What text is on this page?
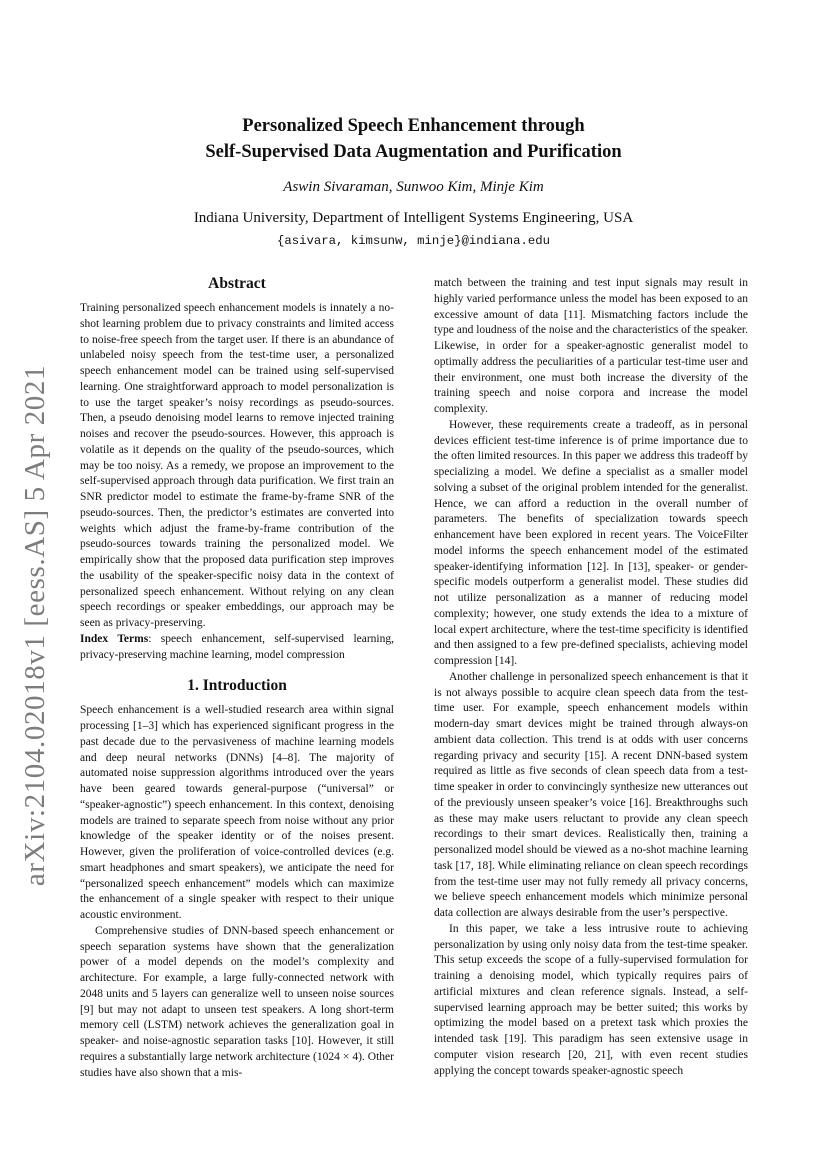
arXiv:2104.02018v1 [eess.AS] 5 Apr 2021
Personalized Speech Enhancement through
Self-Supervised Data Augmentation and Purification

Aswin Sivaraman, Sunwoo Kim, Minje Kim

Indiana University, Department of Intelligent Systems Engineering, USA

{asivara, kimsunw, minje}@indiana.edu

Abstract

Training personalized speech enhancement models is innately a no-shot learning problem due to privacy constraints and limited access to noise-free speech from the target user. If there is an abundance of unlabeled noisy speech from the test-time user, a personalized speech enhancement model can be trained using self-supervised learning. One straightforward approach to model personalization is to use the target speaker’s noisy recordings as pseudo-sources. Then, a pseudo denoising model learns to remove injected training noises and recover the pseudo-sources. However, this approach is volatile as it depends on the quality of the pseudo-sources, which may be too noisy. As a remedy, we propose an improvement to the self-supervised approach through data purification. We first train an SNR predictor model to estimate the frame-by-frame SNR of the pseudo-sources. Then, the predictor’s estimates are converted into weights which adjust the frame-by-frame contribution of the pseudo-sources towards training the personalized model. We empirically show that the proposed data purification step improves the usability of the speaker-specific noisy data in the context of personalized speech enhancement. Without relying on any clean speech recordings or speaker embeddings, our approach may be seen as privacy-preserving.

Index Terms: speech enhancement, self-supervised learning, privacy-preserving machine learning, model compression

1. Introduction

Speech enhancement is a well-studied research area within signal processing [1–3] which has experienced significant progress in the past decade due to the pervasiveness of machine learning models and deep neural networks (DNNs) [4–8]. The majority of automated noise suppression algorithms introduced over the years have been geared towards general-purpose (“universal” or “speaker-agnostic”) speech enhancement. In this context, denoising models are trained to separate speech from noise without any prior knowledge of the speaker identity or of the noises present. However, given the proliferation of voice-controlled devices (e.g. smart headphones and smart speakers), we anticipate the need for “personalized speech enhancement” models which can maximize the enhancement of a single speaker with respect to their unique acoustic environment.

Comprehensive studies of DNN-based speech enhancement or speech separation systems have shown that the generalization power of a model depends on the model’s complexity and architecture. For example, a large fully-connected network with 2048 units and 5 layers can generalize well to unseen noise sources [9] but may not adapt to unseen test speakers. A long short-term memory cell (LSTM) network achieves the generalization goal in speaker- and noise-agnostic separation tasks [10]. However, it still requires a substantially large network architecture (1024 × 4). Other studies have also shown that a mis-

match between the training and test input signals may result in highly varied performance unless the model has been exposed to an excessive amount of data [11]. Mismatching factors include the type and loudness of the noise and the characteristics of the speaker. Likewise, in order for a speaker-agnostic generalist model to optimally address the peculiarities of a particular test-time user and their environment, one must both increase the diversity of the training speech and noise corpora and increase the model complexity.

However, these requirements create a tradeoff, as in personal devices efficient test-time inference is of prime importance due to the often limited resources. In this paper we address this tradeoff by specializing a model. We define a specialist as a smaller model solving a subset of the original problem intended for the generalist. Hence, we can afford a reduction in the overall number of parameters. The benefits of specialization towards speech enhancement have been explored in recent years. The VoiceFilter model informs the speech enhancement model of the estimated speaker-identifying information [12]. In [13], speaker- or gender-specific models outperform a generalist model. These studies did not utilize personalization as a manner of reducing model complexity; however, one study extends the idea to a mixture of local expert architecture, where the test-time specificity is identified and then assigned to a few pre-defined specialists, achieving model compression [14].

Another challenge in personalized speech enhancement is that it is not always possible to acquire clean speech data from the test-time user. For example, speech enhancement models within modern-day smart devices might be trained through always-on ambient data collection. This trend is at odds with user concerns regarding privacy and security [15]. A recent DNN-based system required as little as five seconds of clean speech data from a test-time speaker in order to convincingly synthesize new utterances out of the previously unseen speaker’s voice [16]. Breakthroughs such as these may make users reluctant to provide any clean speech recordings to their smart devices. Realistically then, training a personalized model should be viewed as a no-shot machine learning task [17, 18]. While eliminating reliance on clean speech recordings from the test-time user may not fully remedy all privacy concerns, we believe speech enhancement models which minimize personal data collection are always desirable from the user’s perspective.

In this paper, we take a less intrusive route to achieving personalization by using only noisy data from the test-time speaker. This setup exceeds the scope of a fully-supervised formulation for training a denoising model, which typically requires pairs of artificial mixtures and clean reference signals. Instead, a self-supervised learning approach may be better suited; this works by optimizing the model based on a pretext task which proxies the intended task [19]. This paradigm has seen extensive usage in computer vision research [20, 21], with even recent studies applying the concept towards speaker-agnostic speech
